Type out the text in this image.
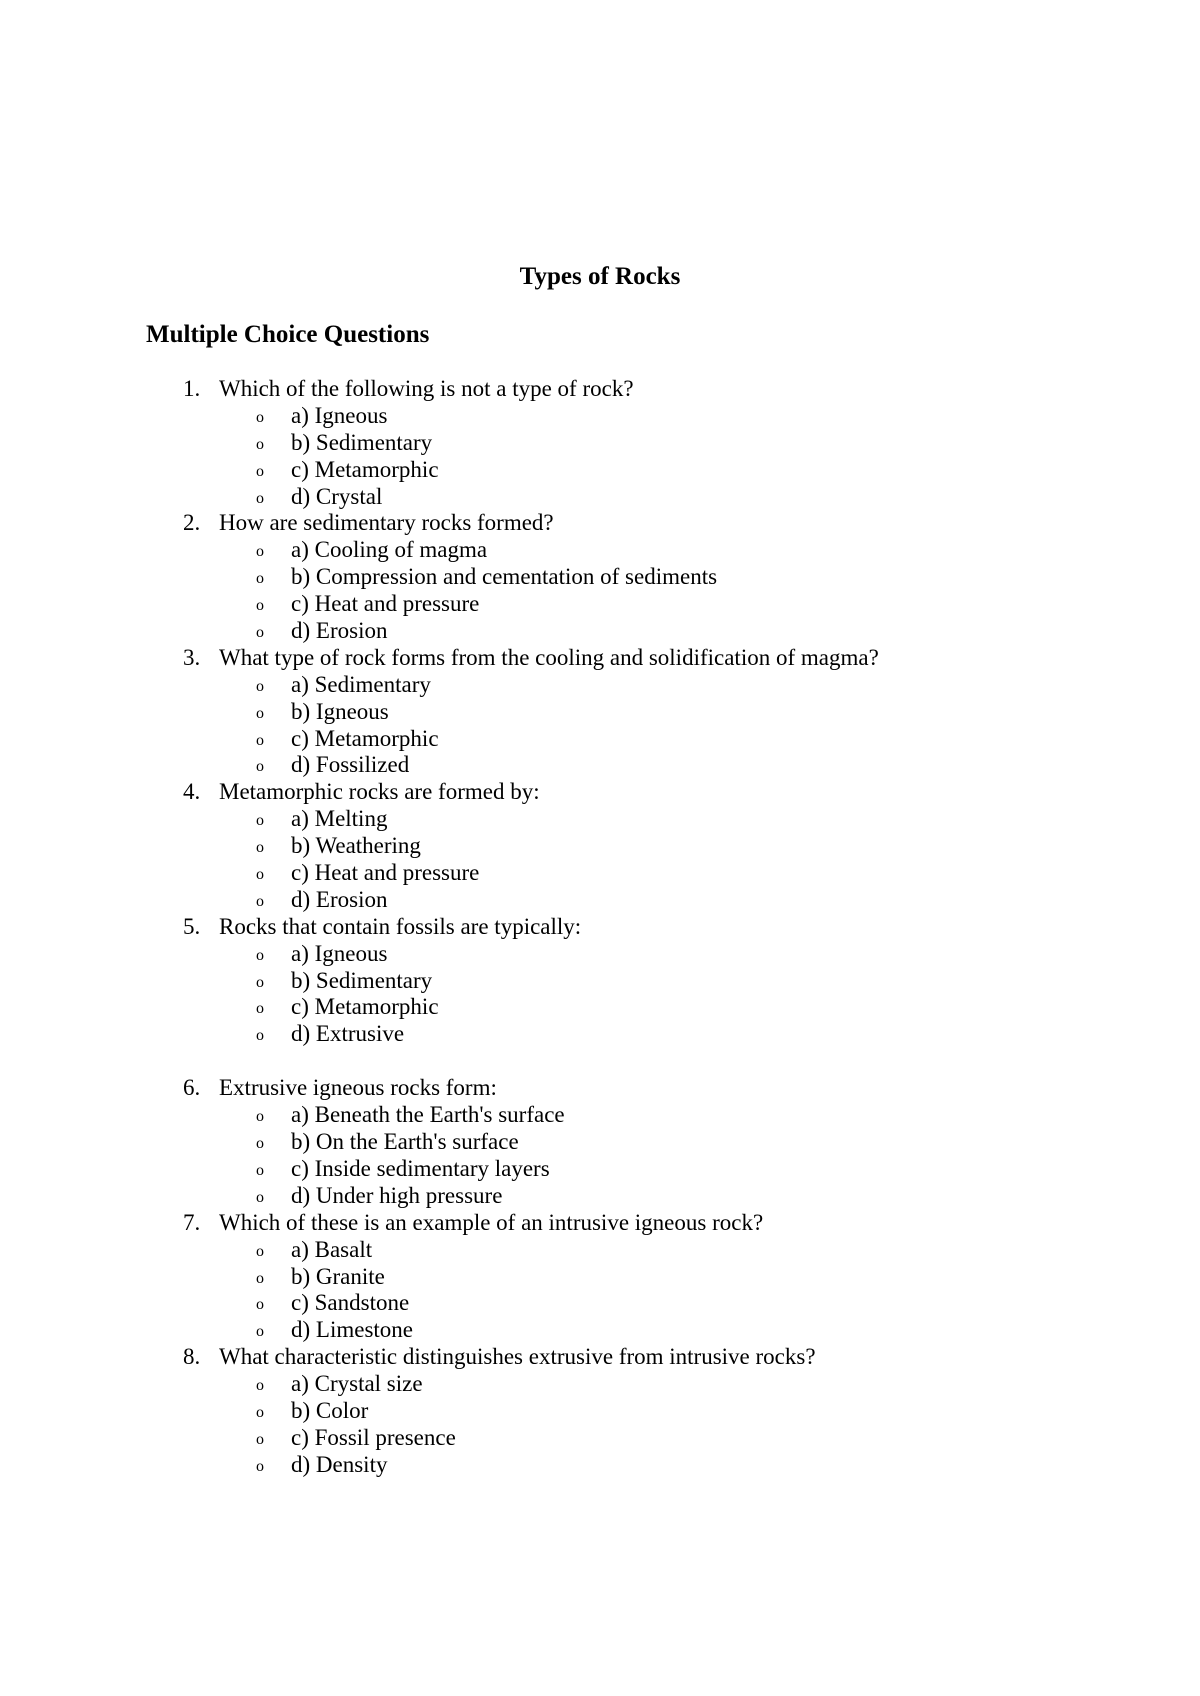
Types of Rocks
Multiple Choice Questions
1. Which of the following is not a type of rock?
o a) Igneous
o b) Sedimentary
o c) Metamorphic
o d) Crystal
2. How are sedimentary rocks formed?
o a) Cooling of magma
o b) Compression and cementation of sediments
o c) Heat and pressure
o d) Erosion
3. What type of rock forms from the cooling and solidification of magma?
o a) Sedimentary
o b) Igneous
o c) Metamorphic
o d) Fossilized
4. Metamorphic rocks are formed by:
o a) Melting
o b) Weathering
o c) Heat and pressure
o d) Erosion
5. Rocks that contain fossils are typically:
o a) Igneous
o b) Sedimentary
o c) Metamorphic
o d) Extrusive
6. Extrusive igneous rocks form:
o a) Beneath the Earth's surface
o b) On the Earth's surface
o c) Inside sedimentary layers
o d) Under high pressure
7. Which of these is an example of an intrusive igneous rock?
o a) Basalt
o b) Granite
o c) Sandstone
o d) Limestone
8. What characteristic distinguishes extrusive from intrusive rocks?
o a) Crystal size
o b) Color
o c) Fossil presence
o d) Density
